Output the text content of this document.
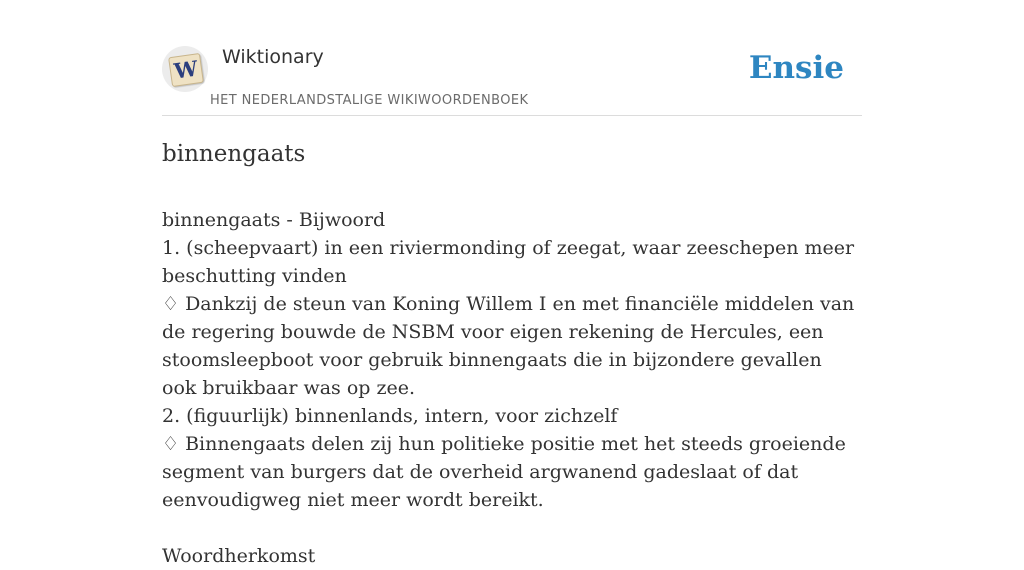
W Wiktionary
HET NEDERLANDSTALIGE WIKIWOORDENBOEK
Ensie
binnengaats

binnengaats - Bijwoord

1. (scheepvaart) in een riviermonding of zeegat, waar zeeschepen meer beschutting vinden

♢ Dankzij de steun van Koning Willem I en met financiële middelen van de regering bouwde de NSBM voor eigen rekening de Hercules, een stoomsleepboot voor gebruik binnengaats die in bijzondere gevallen ook bruikbaar was op zee.

2. (figuurlijk) binnenlands, intern, voor zichzelf

♢ Binnengaats delen zij hun politieke positie met het steeds groeiende segment van burgers dat de overheid argwanend gadeslaat of dat eenvoudigweg niet meer wordt bereikt.

Woordherkomst
